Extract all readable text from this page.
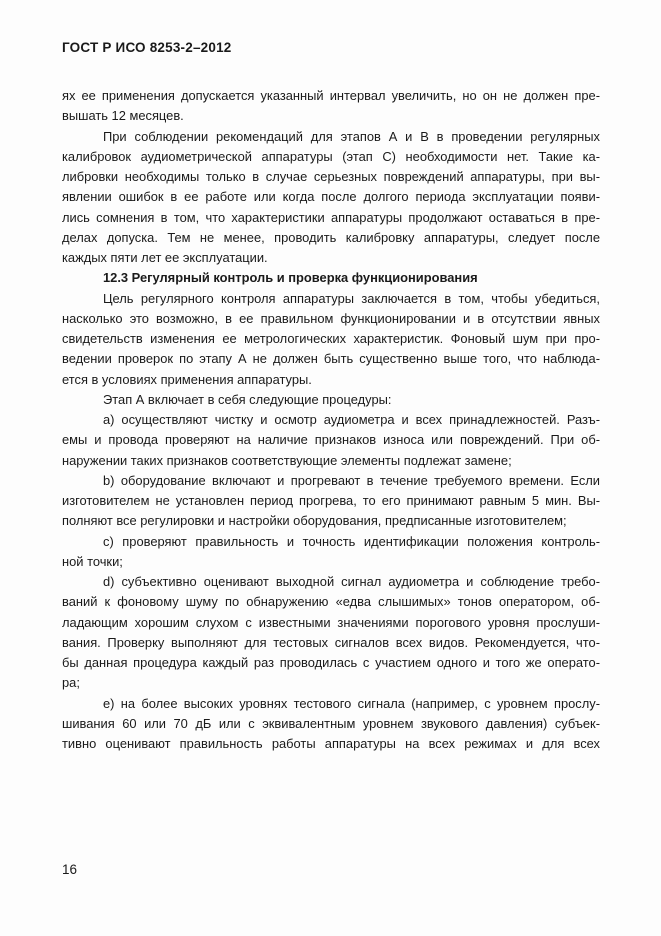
ГОСТ Р ИСО 8253-2–2012
ях ее применения допускается указанный интервал увеличить, но он не должен пре-
вышать 12 месяцев.
При соблюдении рекомендаций для этапов А и В в проведении регулярных
калибровок аудиометрической аппаратуры (этап С) необходимости нет. Такие ка-
либровки необходимы только в случае серьезных повреждений аппаратуры, при вы-
явлении ошибок в ее работе или когда после долгого периода эксплуатации появи-
лись сомнения в том, что характеристики аппаратуры продолжают оставаться в пре-
делах допуска. Тем не менее, проводить калибровку аппаратуры, следует после
каждых пяти лет ее эксплуатации.
12.3 Регулярный контроль и проверка функционирования
Цель регулярного контроля аппаратуры заключается в том, чтобы убедиться,
насколько это возможно, в ее правильном функционировании и в отсутствии явных
свидетельств изменения ее метрологических характеристик. Фоновый шум при про-
ведении проверок по этапу А не должен быть существенно выше того, что наблюда-
ется в условиях применения аппаратуры.
Этап А включает в себя следующие процедуры:
а) осуществляют чистку и осмотр аудиометра и всех принадлежностей. Разъ-
емы и провода проверяют на наличие признаков износа или повреждений. При об-
наружении таких признаков соответствующие элементы подлежат замене;
b) оборудование включают и прогревают в течение требуемого времени. Если
изготовителем не установлен период прогрева, то его принимают равным 5 мин. Вы-
полняют все регулировки и настройки оборудования, предписанные изготовителем;
с) проверяют правильность и точность идентификации положения контроль-
ной точки;
d) субъективно оценивают выходной сигнал аудиометра и соблюдение требо-
ваний к фоновому шуму по обнаружению «едва слышимых» тонов оператором, об-
ладающим хорошим слухом с известными значениями порогового уровня прослуши-
вания. Проверку выполняют для тестовых сигналов всех видов. Рекомендуется, что-
бы данная процедура каждый раз проводилась с участием одного и того же операто-
ра;
е) на более высоких уровнях тестового сигнала (например, с уровнем прослу-
шивания 60 или 70 дБ или с эквивалентным уровнем звукового давления) субъек-
тивно оценивают правильность работы аппаратуры на всех режимах и для всех
16
